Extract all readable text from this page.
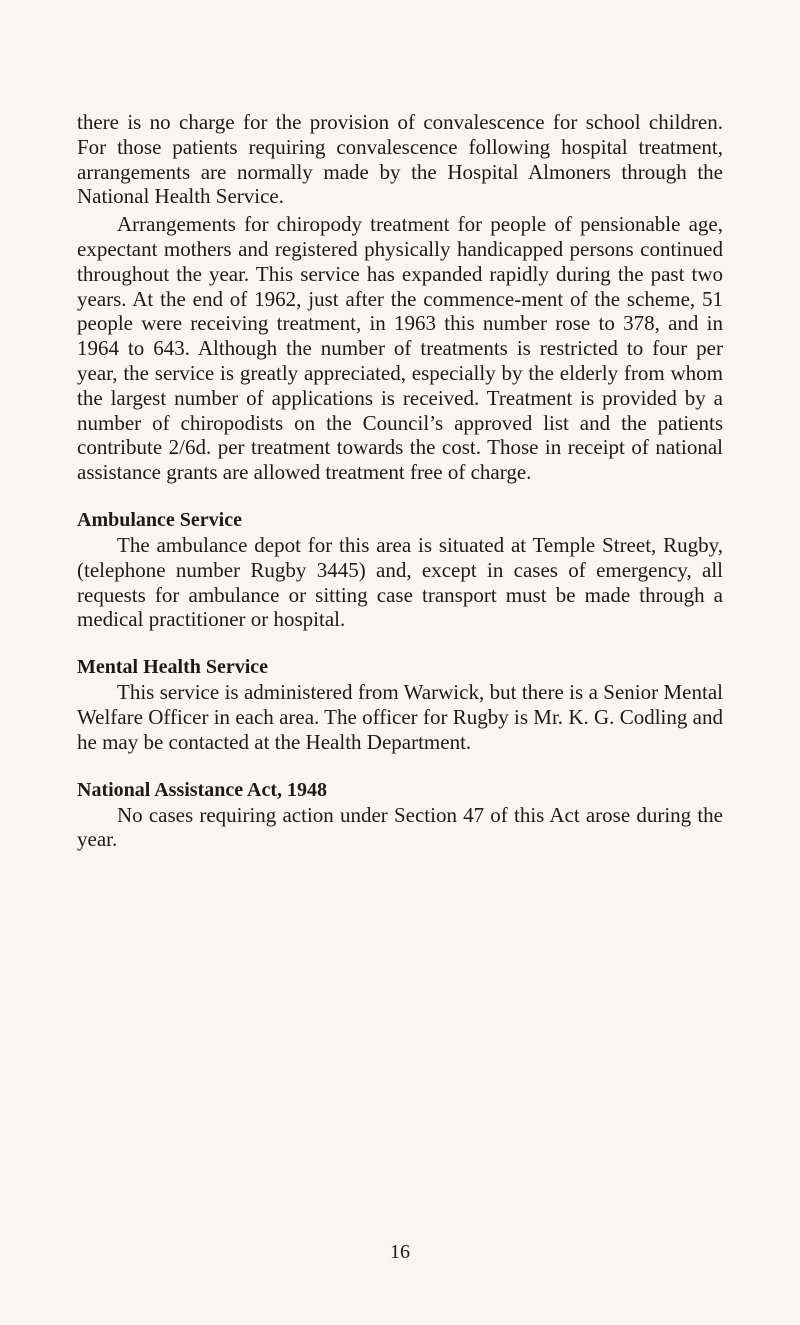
there is no charge for the provision of convalescence for school children. For those patients requiring convalescence following hospital treatment, arrangements are normally made by the Hospital Almoners through the National Health Service.

Arrangements for chiropody treatment for people of pensionable age, expectant mothers and registered physically handicapped persons continued throughout the year. This service has expanded rapidly during the past two years. At the end of 1962, just after the commence-ment of the scheme, 51 people were receiving treatment, in 1963 this number rose to 378, and in 1964 to 643. Although the number of treatments is restricted to four per year, the service is greatly appreciated, especially by the elderly from whom the largest number of applications is received. Treatment is provided by a number of chiropodists on the Council’s approved list and the patients contribute 2/6d. per treatment towards the cost. Those in receipt of national assistance grants are allowed treatment free of charge.

Ambulance Service

The ambulance depot for this area is situated at Temple Street, Rugby, (telephone number Rugby 3445) and, except in cases of emergency, all requests for ambulance or sitting case transport must be made through a medical practitioner or hospital.

Mental Health Service

This service is administered from Warwick, but there is a Senior Mental Welfare Officer in each area. The officer for Rugby is Mr. K. G. Codling and he may be contacted at the Health Department.

National Assistance Act, 1948

No cases requiring action under Section 47 of this Act arose during the year.

16
